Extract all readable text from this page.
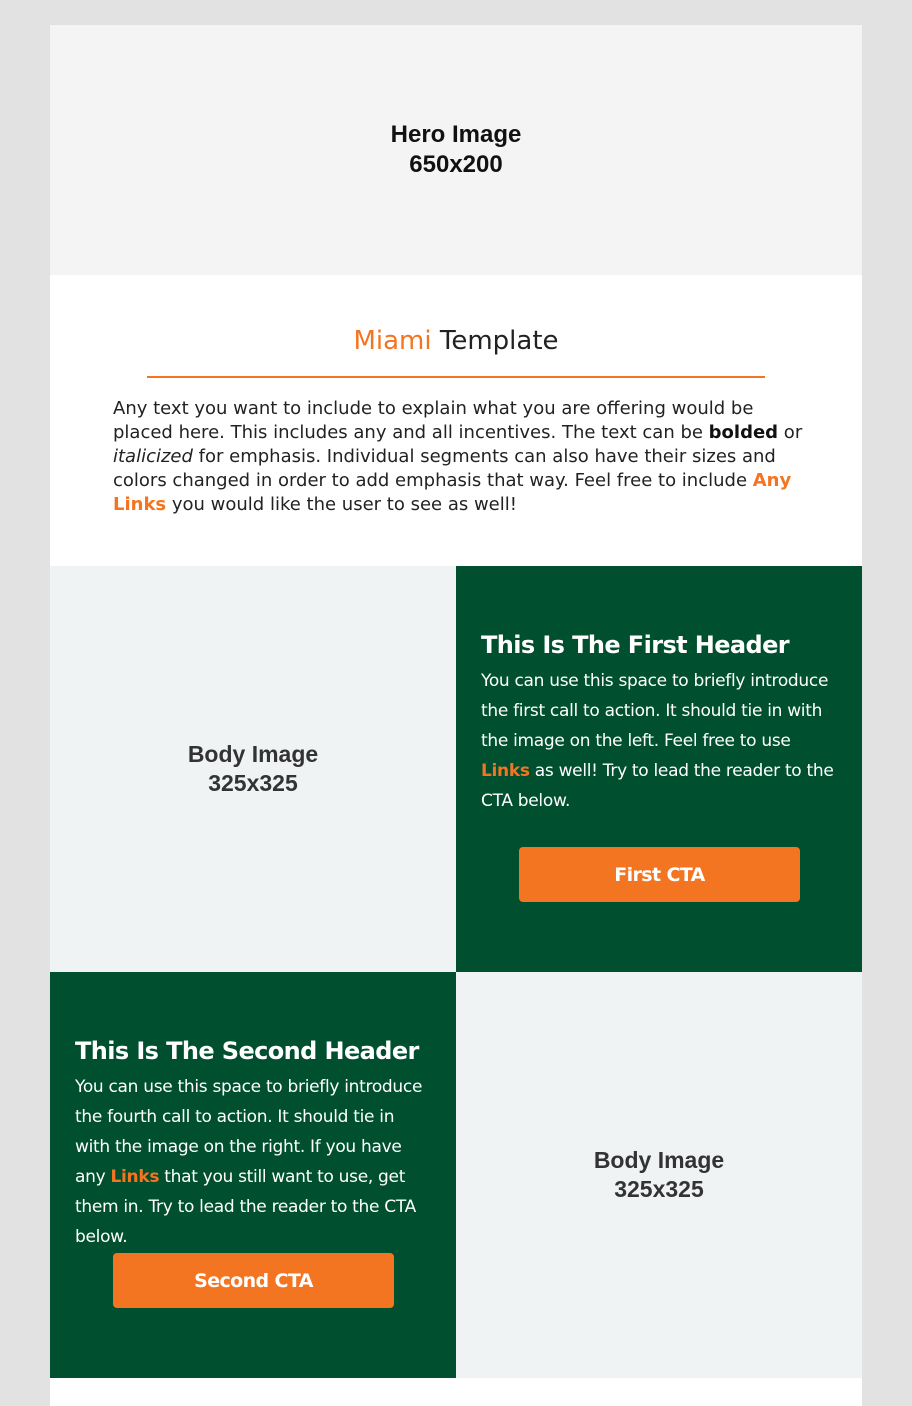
Hero Image
650x200
Miami Template

Any text you want to include to explain what you are offering would be placed here. This includes any and all incentives. The text can be bolded or italicized for emphasis. Individual segments can also have their sizes and colors changed in order to add emphasis that way. Feel free to include Any Links you would like the user to see as well!

Body Image
325x325
This Is The First Header

You can use this space to briefly introduce the first call to action. It should tie in with the image on the left. Feel free to use Links as well! Try to lead the reader to the CTA below.

First CTA
This Is The Second Header

You can use this space to briefly introduce the fourth call to action. It should tie in with the image on the right. If you have any Links that you still want to use, get them in. Try to lead the reader to the CTA below.

Second CTA
Body Image
325x325
